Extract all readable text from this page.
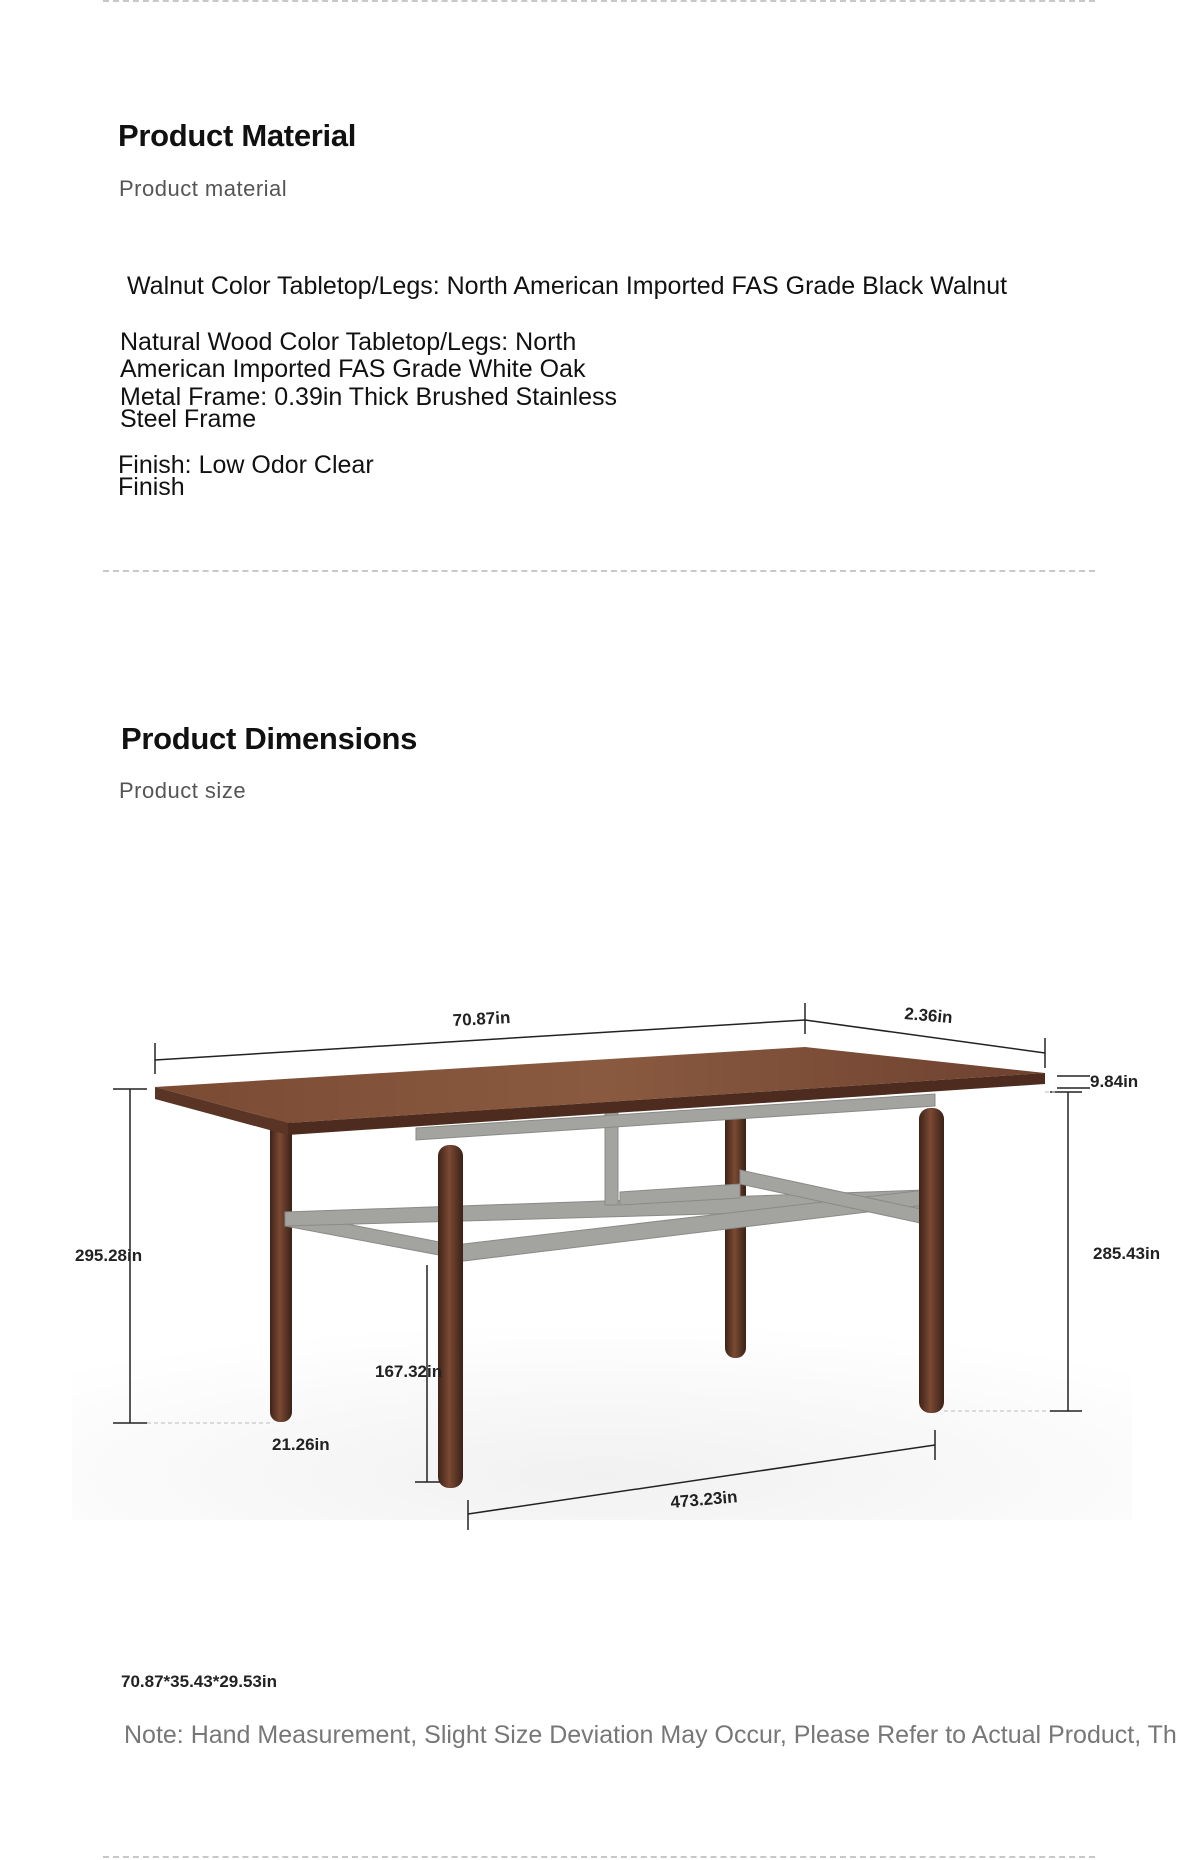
Product Material
Product material
Walnut Color Tabletop/Legs: North American Imported FAS Grade Black Walnut
Natural Wood Color Tabletop/Legs: North
American Imported FAS Grade White Oak
Metal Frame: 0.39in Thick Brushed Stainless
Steel Frame
Finish: Low Odor Clear
Finish
Product Dimensions
Product size
70.87in	2.36in
9.84in
295.28in	285.43in
167.32in
21.26in
473.23in
70.87*35.43*29.53in
Note: Hand Measurement, Slight Size Deviation May Occur, Please Refer to Actual Product, Th
